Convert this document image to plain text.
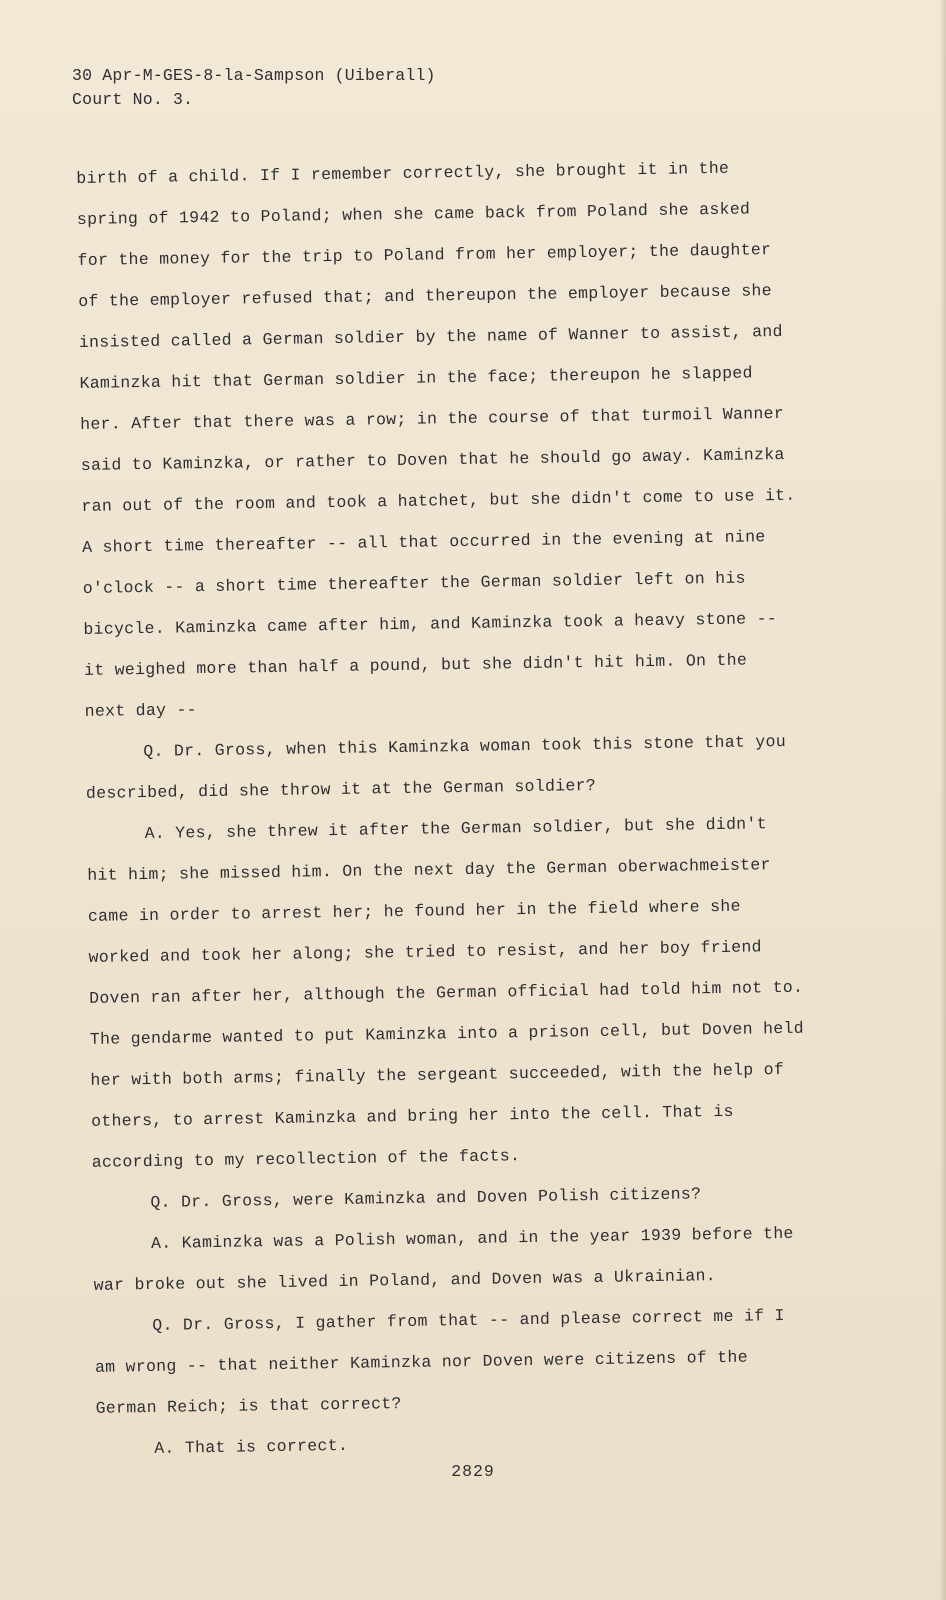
30 Apr-M-GES-8-la-Sampson (Uiberall)
Court No. 3.
birth of a child. If I remember correctly, she brought it in the
spring of 1942 to Poland; when she came back from Poland she asked
for the money for the trip to Poland from her employer; the daughter
of the employer refused that; and thereupon the employer because she
insisted called a German soldier by the name of Wanner to assist, and
Kaminzka hit that German soldier in the face; thereupon he slapped
her. After that there was a row; in the course of that turmoil Wanner
said to Kaminzka, or rather to Doven that he should go away. Kaminzka
ran out of the room and took a hatchet, but she didn't come to use it.
A short time thereafter -- all that occurred in the evening at nine
o'clock -- a short time thereafter the German soldier left on his
bicycle. Kaminzka came after him, and Kaminzka took a heavy stone --
it weighed more than half a pound, but she didn't hit him. On the
next day --
Q. Dr. Gross, when this Kaminzka woman took this stone that you
described, did she throw it at the German soldier?
A. Yes, she threw it after the German soldier, but she didn't
hit him; she missed him. On the next day the German oberwachmeister
came in order to arrest her; he found her in the field where she
worked and took her along; she tried to resist, and her boy friend
Doven ran after her, although the German official had told him not to.
The gendarme wanted to put Kaminzka into a prison cell, but Doven held
her with both arms; finally the sergeant succeeded, with the help of
others, to arrest Kaminzka and bring her into the cell. That is
according to my recollection of the facts.
Q. Dr. Gross, were Kaminzka and Doven Polish citizens?
A. Kaminzka was a Polish woman, and in the year 1939 before the
war broke out she lived in Poland, and Doven was a Ukrainian.
Q. Dr. Gross, I gather from that -- and please correct me if I
am wrong -- that neither Kaminzka nor Doven were citizens of the
German Reich; is that correct?
A. That is correct.
2829
